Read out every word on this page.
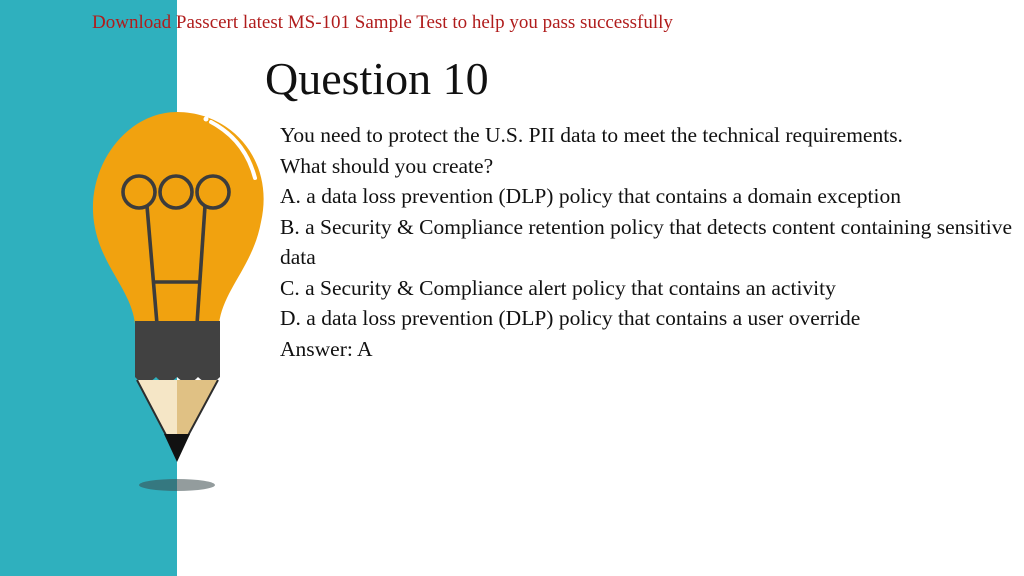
Download Passcert latest MS-101 Sample Test to help you pass successfully
Question 10

You need to protect the U.S. PII data to meet the technical requirements.

What should you create?

A. a data loss prevention (DLP) policy that contains a domain exception

B. a Security & Compliance retention policy that detects content containing sensitive data

C. a Security & Compliance alert policy that contains an activity

D. a data loss prevention (DLP) policy that contains a user override

Answer: A
